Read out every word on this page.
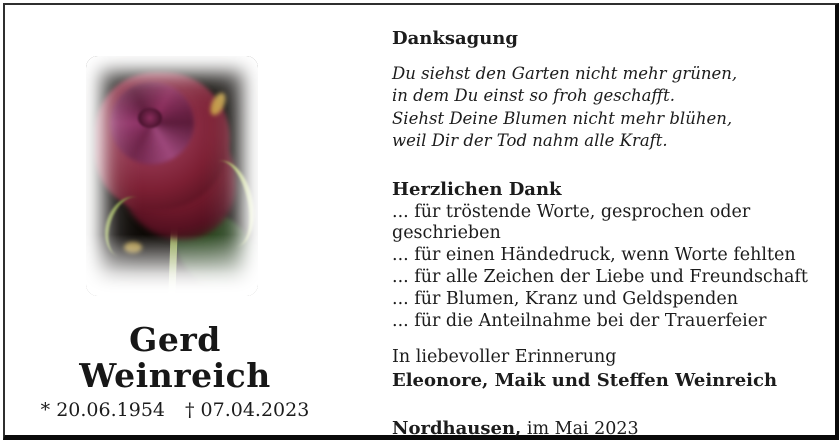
Gerd Weinreich
* 20.06.1954 † 07.04.2023
Danksagung
Du siehst den Garten nicht mehr grünen,
in dem Du einst so froh geschafft.
Siehst Deine Blumen nicht mehr blühen,
weil Dir der Tod nahm alle Kraft.
Herzlichen Dank
... für tröstende Worte, gesprochen oder geschrieben
... für einen Händedruck, wenn Worte fehlten
... für alle Zeichen der Liebe und Freundschaft
... für Blumen, Kranz und Geldspenden
... für die Anteilnahme bei der Trauerfeier
In liebevoller Erinnerung
Eleonore, Maik und Steffen Weinreich
Nordhausen, im Mai 2023
